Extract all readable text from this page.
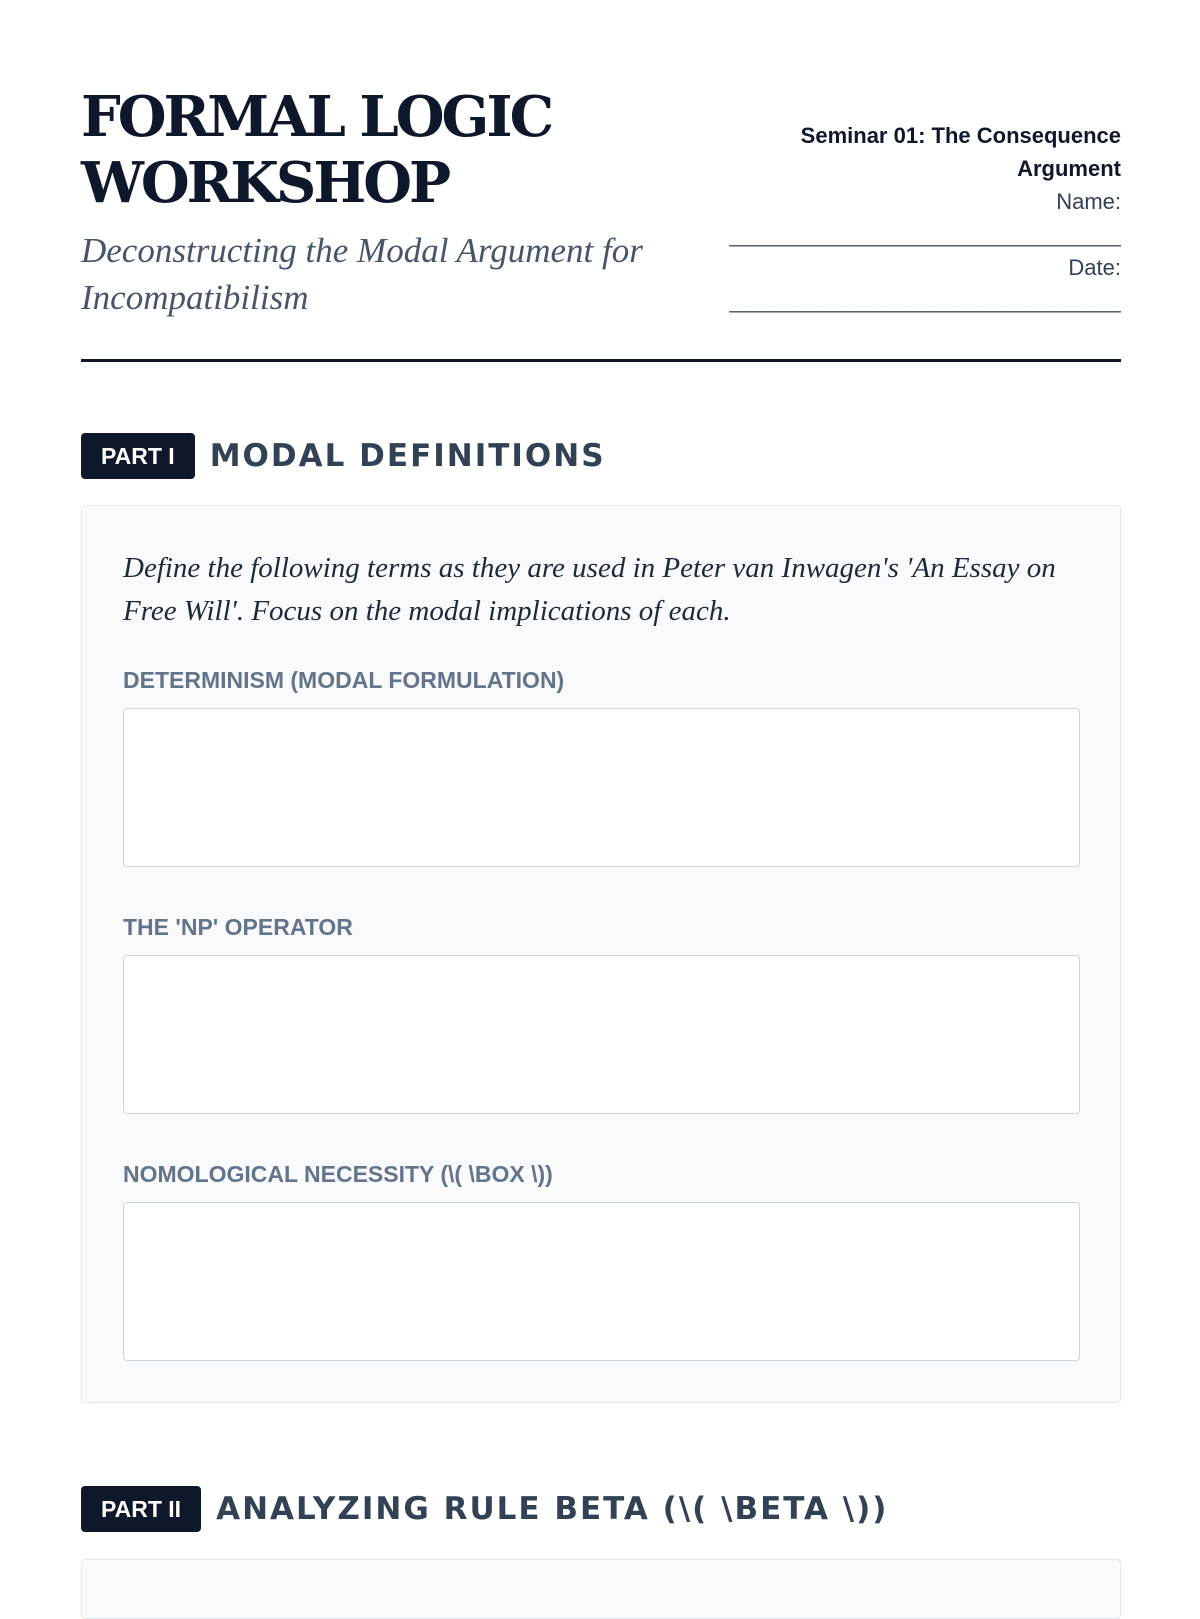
FORMAL LOGIC
WORKSHOP

Deconstructing the Modal Argument for Incompatibilism

Seminar 01: The Consequence Argument
Name:
________________________________
Date:
________________________________
PART I	MODAL DEFINITIONS

Define the following terms as they are used in Peter van Inwagen's 'An Essay on Free Will'. Focus on the modal implications of each.

DETERMINISM (MODAL FORMULATION)
THE 'NP' OPERATOR
NOMOLOGICAL NECESSITY (\( \BOX \))
PART II	ANALYZING RULE BETA (\( \BETA \))
